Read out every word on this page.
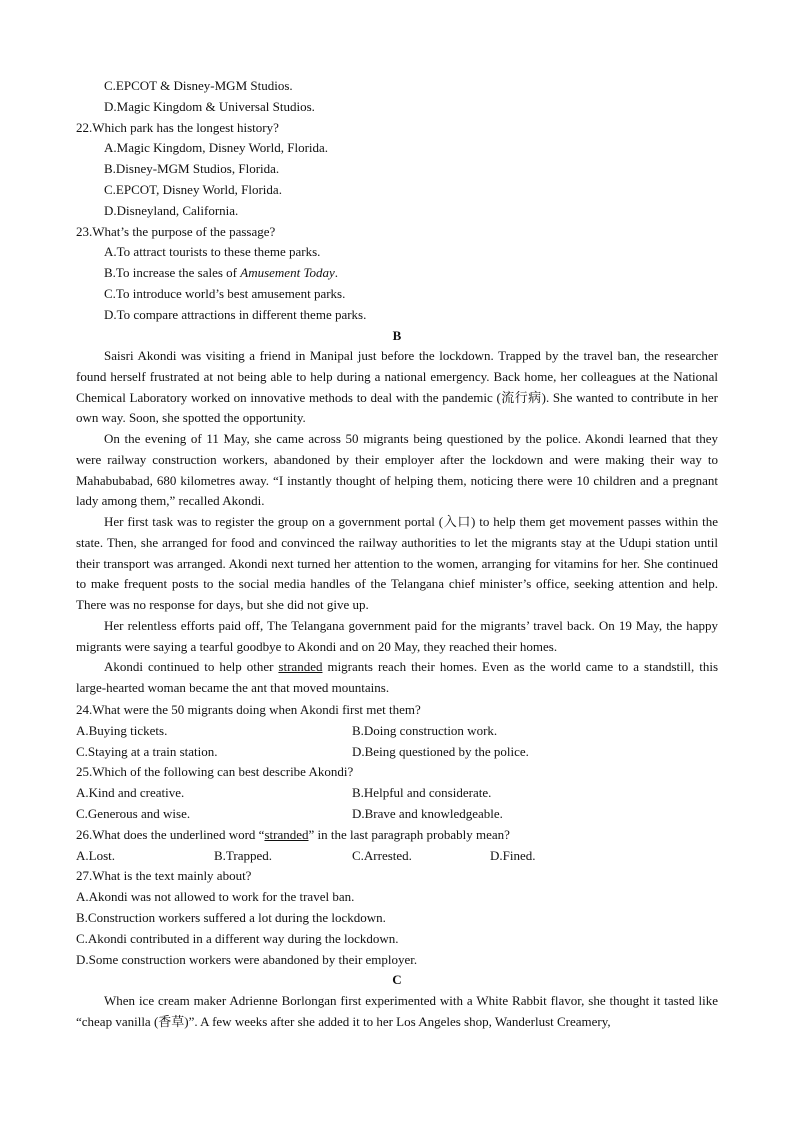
C.EPCOT & Disney-MGM Studios.
D.Magic Kingdom & Universal Studios.
22.Which park has the longest history?
A.Magic Kingdom, Disney World, Florida.
B.Disney-MGM Studios, Florida.
C.EPCOT, Disney World, Florida.
D.Disneyland, California.
23.What’s the purpose of the passage?
A.To attract tourists to these theme parks.
B.To increase the sales of Amusement Today.
C.To introduce world’s best amusement parks.
D.To compare attractions in different theme parks.
B

Saisri Akondi was visiting a friend in Manipal just before the lockdown. Trapped by the travel ban, the researcher found herself frustrated at not being able to help during a national emergency. Back home, her colleagues at the National Chemical Laboratory worked on innovative methods to deal with the pandemic (流行病). She wanted to contribute in her own way. Soon, she spotted the opportunity.

On the evening of 11 May, she came across 50 migrants being questioned by the police. Akondi learned that they were railway construction workers, abandoned by their employer after the lockdown and were making their way to Mahabubabad, 680 kilometres away. “I instantly thought of helping them, noticing there were 10 children and a pregnant lady among them,” recalled Akondi.

Her first task was to register the group on a government portal (入口) to help them get movement passes within the state. Then, she arranged for food and convinced the railway authorities to let the migrants stay at the Udupi station until their transport was arranged. Akondi next turned her attention to the women, arranging for vitamins for her. She continued to make frequent posts to the social media handles of the Telangana chief minister’s office, seeking attention and help. There was no response for days, but she did not give up.

Her relentless efforts paid off, The Telangana government paid for the migrants’ travel back. On 19 May, the happy migrants were saying a tearful goodbye to Akondi and on 20 May, they reached their homes.

Akondi continued to help other stranded migrants reach their homes. Even as the world came to a standstill, this large-hearted woman became the ant that moved mountains.

24.What were the 50 migrants doing when Akondi first met them?
A.Buying tickets.	B.Doing construction work.
C.Staying at a train station.	D.Being questioned by the police.
25.Which of the following can best describe Akondi?
A.Kind and creative.	B.Helpful and considerate.
C.Generous and wise.	D.Brave and knowledgeable.
26.What does the underlined word “stranded” in the last paragraph probably mean?
A.Lost.	B.Trapped.	C.Arrested.	D.Fined.
27.What is the text mainly about?
A.Akondi was not allowed to work for the travel ban.
B.Construction workers suffered a lot during the lockdown.
C.Akondi contributed in a different way during the lockdown.
D.Some construction workers were abandoned by their employer.
C

When ice cream maker Adrienne Borlongan first experimented with a White Rabbit flavor, she thought it tasted like “cheap vanilla (香草)”. A few weeks after she added it to her Los Angeles shop, Wanderlust Creamery,
